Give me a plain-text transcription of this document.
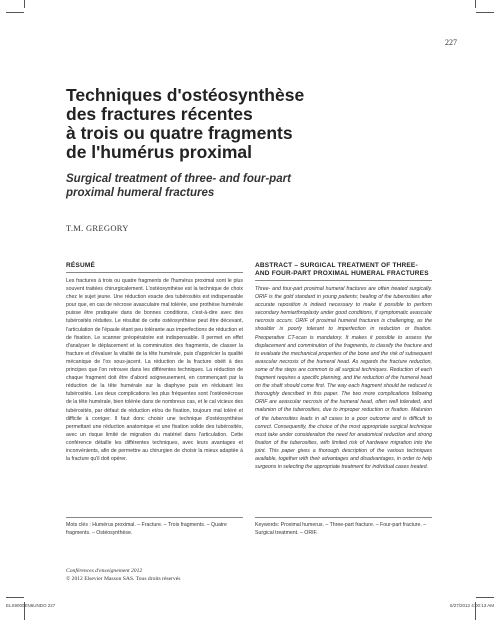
227
Techniques d'ostéosynthèse
des fractures récentes
à trois ou quatre fragments
de l'humérus proximal
Surgical treatment of three- and four-part
proximal humeral fractures
T.M. GREGORY
RÉSUMÉ

Les fractures à trois ou quatre fragments de l'humérus proximal sont le plus souvent traitées chirurgicalement. L'ostéosynthèse est la technique de choix chez le sujet jeune. Une réduction exacte des tubérosités est indispensable pour que, en cas de nécrose avasculaire mal tolérée, une prothèse humérale puisse être pratiquée dans de bonnes conditions, c'est-à-dire avec des tubérosités réduites. Le résultat de cette ostéosynthèse peut être décevant, l'articulation de l'épaule étant peu tolérante aux imperfections de réduction et de fixation. Le scanner préopératoire est indispensable. Il permet en effet d'analyser le déplacement et la comminution des fragments, de classer la fracture et d'évaluer la vitalité de la tête humérale, puis d'apprécier la qualité mécanique de l'os sous-jacent. La réduction de la fracture obéit à des principes que l'on retrouve dans les différentes techniques. La réduction de chaque fragment doit être d'abord soigneusement, en commençant par la réduction de la tête humérale sur la diaphyse puis en réduisant les tubérosités. Les deux complications les plus fréquentes sont l'ostéonécrose de la tête humérale, bien tolérée dans de nombreux cas, et le cal vicieux des tubérosités, par défaut de réduction et/ou de fixation, toujours mal toléré et difficile à corriger. Il faut donc choisir une technique d'ostéosynthèse permettant une réduction anatomique et une fixation solide des tubérosités, avec un risque limité de migration du matériel dans l'articulation. Cette conférence détaille les différentes techniques, avec leurs avantages et inconvénients, afin de permettre au chirurgien de choisir la mieux adaptée à la fracture qu'il doit opérer.

ABSTRACT – SURGICAL TREATMENT OF THREE- AND FOUR-PART PROXIMAL HUMERAL FRACTURES

Three- and four-part proximal humeral fractures are often treated surgically. ORIF is the gold standard in young patients; healing of the tuberosities after accurate reposition is indeed necessary to make it possible to perform secondary hemiarthroplasty under good conditions, if symptomatic avascular necrosis occurs. ORIF of proximal humeral fractures is challenging, as the shoulder is poorly tolerant to imperfection in reduction or fixation. Preoperative CT-scan is mandatory. It makes it possible to assess the displacement and comminution of the fragments, to classify the fracture and to evaluate the mechanical properties of the bone and the risk of subsequent avascular necrosis of the humeral head. As regards the fracture reduction, some of the steps are common to all surgical techniques. Reduction of each fragment requires a specific planning, and the reduction of the humeral head on the shaft should come first. The way each fragment should be reduced is thoroughly described in this paper. The two more complications following ORIF are avascular necrosis of the humeral head, often well tolerated, and malunion of the tuberosities, due to improper reduction or fixation. Malunion of the tuberosities leads in all cases to a poor outcome and is difficult to correct. Consequently, the choice of the most appropriate surgical technique must take under consideration the need for anatomical reduction and strong fixation of the tuberosities, with limited risk of hardware migration into the joint. This paper gives a thorough description of the various techniques available, together with their advantages and disadvantages, in order to help surgeons in selecting the appropriate treatment for individual cases treated.

Mots clés : Humérus proximal. – Fracture. – Trois fragments. – Quatre fragments. – Ostéosynthèse.
Keywords: Proximal humerus. – Three-part fracture. – Four-part fracture. – Surgical treatment. – ORIF.
Conférences d'enseignement 2012
© 2012 Elsevier Masson SAS. Tous droits réservés
ELS9000EN6UNDO 227	5/27/2012 4:00:13 AM
